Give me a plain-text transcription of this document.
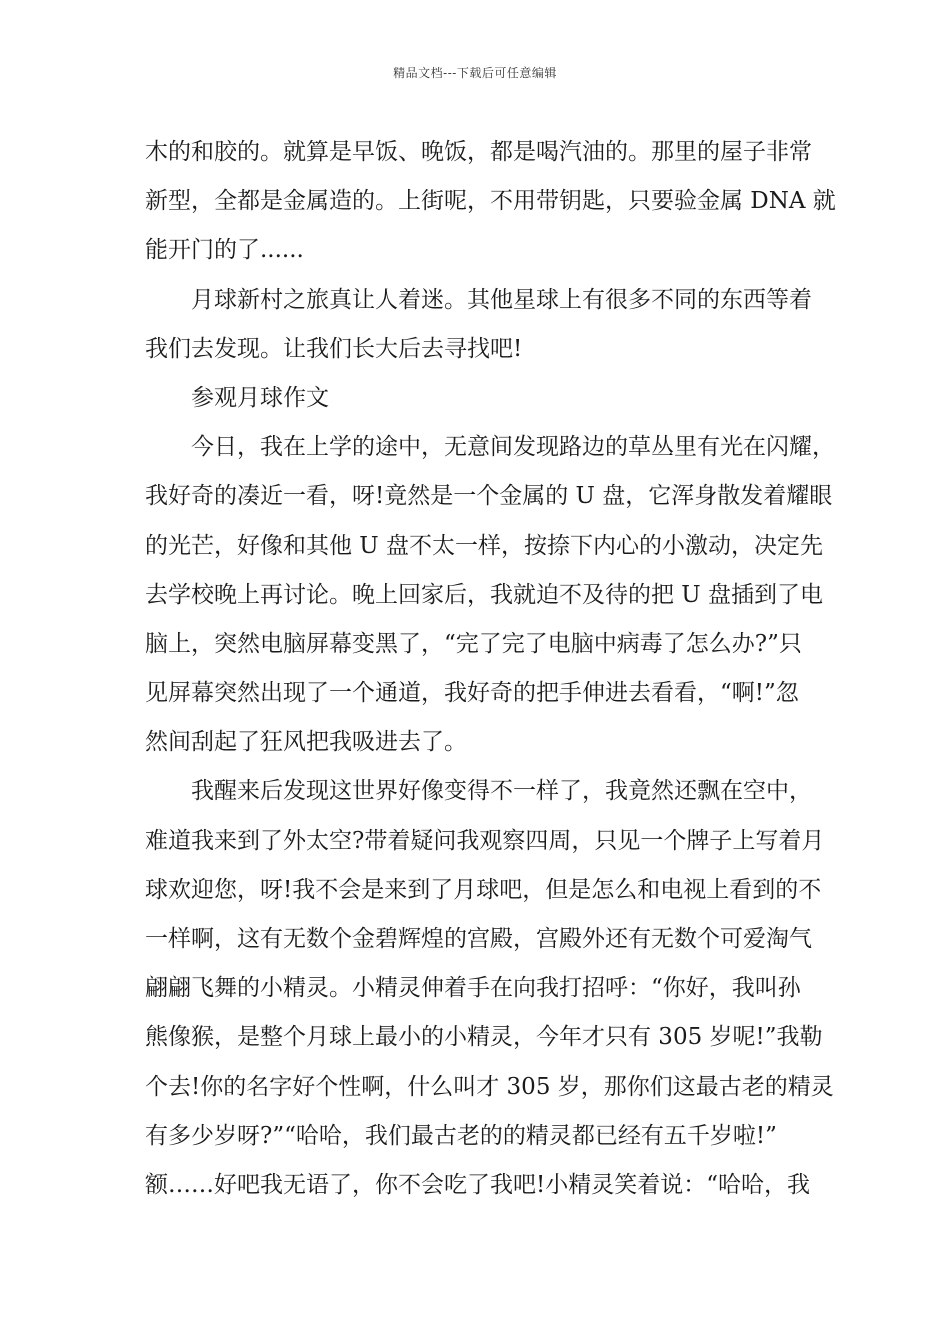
精品文档---下载后可任意编辑
木的和胶的。就算是早饭、晚饭，都是喝汽油的。那里的屋子非常
新型，全都是金属造的。上街呢，不用带钥匙，只要验金属 DNA 就
能开门的了......
月球新村之旅真让人着迷。其他星球上有很多不同的东西等着
我们去发现。让我们长大后去寻找吧!
参观月球作文
今日，我在上学的途中，无意间发现路边的草丛里有光在闪耀，
我好奇的凑近一看，呀!竟然是一个金属的 U 盘，它浑身散发着耀眼
的光芒，好像和其他 U 盘不太一样，按捺下内心的小激动，决定先
去学校晚上再讨论。晚上回家后，我就迫不及待的把 U 盘插到了电
脑上，突然电脑屏幕变黑了，“完了完了电脑中病毒了怎么办?”只
见屏幕突然出现了一个通道，我好奇的把手伸进去看看，“啊!”忽
然间刮起了狂风把我吸进去了。
我醒来后发现这世界好像变得不一样了，我竟然还飘在空中，
难道我来到了外太空?带着疑问我观察四周，只见一个牌子上写着月
球欢迎您，呀!我不会是来到了月球吧，但是怎么和电视上看到的不
一样啊，这有无数个金碧辉煌的宫殿，宫殿外还有无数个可爱淘气
翩翩飞舞的小精灵。小精灵伸着手在向我打招呼：“你好，我叫孙
熊像猴，是整个月球上最小的小精灵，今年才只有 305 岁呢!”我勒
个去!你的名字好个性啊，什么叫才 305 岁，那你们这最古老的精灵
有多少岁呀?”“哈哈，我们最古老的的精灵都已经有五千岁啦!”
额……好吧我无语了，你不会吃了我吧!小精灵笑着说：“哈哈，我
